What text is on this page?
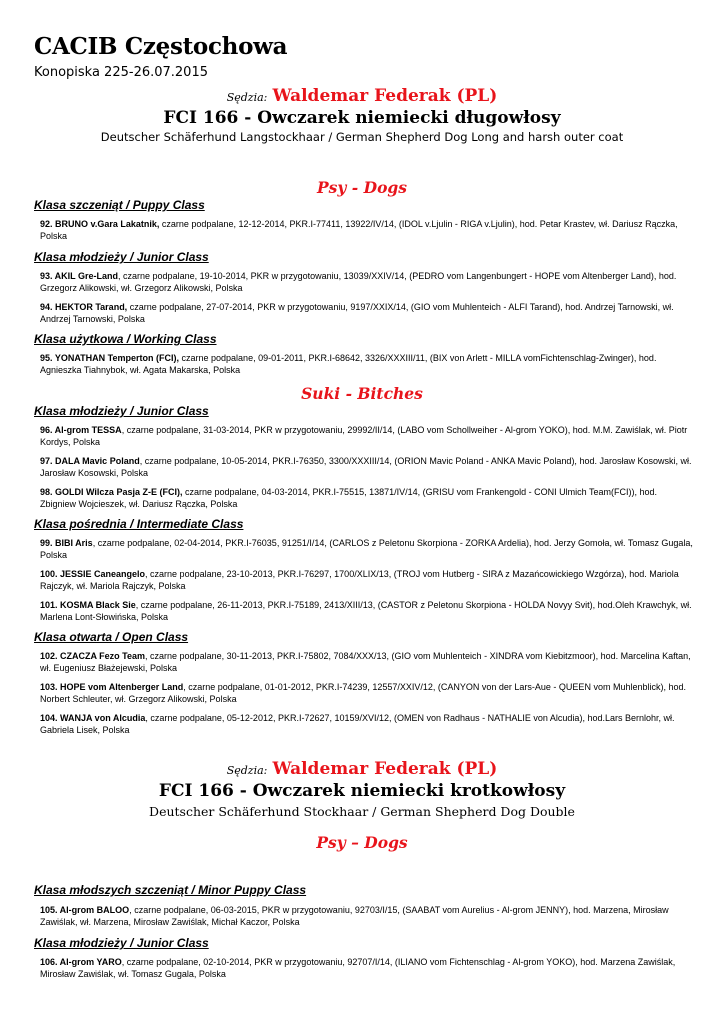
CACIB Częstochowa
Konopiska 225-26.07.2015
Sędzia: Waldemar Federak (PL)
FCI 166 - Owczarek niemiecki długowłosy
Deutscher Schäferhund Langstockhaar / German Shepherd Dog Long and harsh outer coat
Psy - Dogs
Klasa szczeniąt / Puppy Class
92. BRUNO v.Gara Lakatnik, czarne podpalane, 12-12-2014, PKR.I-77411, 13922/IV/14, (IDOL v.Ljulin - RIGA v.Ljulin), hod. Petar Krastev, wł. Dariusz Rączka, Polska
Klasa młodzieży / Junior Class
93. AKIL Gre-Land, czarne podpalane, 19-10-2014, PKR w przygotowaniu, 13039/XXIV/14, (PEDRO vom Langenbungert - HOPE vom Altenberger Land), hod. Grzegorz Alikowski, wł. Grzegorz Alikowski, Polska
94. HEKTOR Tarand, czarne podpalane, 27-07-2014, PKR w przygotowaniu, 9197/XXIX/14, (GIO vom Muhlenteich - ALFI Tarand), hod. Andrzej Tarnowski, wł. Andrzej Tarnowski, Polska
Klasa użytkowa / Working Class
95. YONATHAN Temperton (FCI), czarne podpalane, 09-01-2011, PKR.I-68642, 3326/XXXIII/11, (BIX von Arlett - MILLA vomFichtenschlag-Zwinger), hod. Agnieszka Tiahnybok, wł. Agata Makarska, Polska
Suki - Bitches
Klasa młodzieży / Junior Class
96. Al-grom TESSA, czarne podpalane, 31-03-2014, PKR w przygotowaniu, 29992/II/14, (LABO vom Schollweiher - Al-grom YOKO), hod. M.M. Zawiślak, wł. Piotr Kordys, Polska
97. DALA Mavic Poland, czarne podpalane, 10-05-2014, PKR.I-76350, 3300/XXXIII/14, (ORION Mavic Poland - ANKA Mavic Poland), hod. Jarosław Kosowski, wł. Jarosław Kosowski, Polska
98. GOLDI Wilcza Pasja Z-E (FCI), czarne podpalane, 04-03-2014, PKR.I-75515, 13871/IV/14, (GRISU vom Frankengold - CONI Ulmich Team(FCI)), hod. Zbigniew Wojcieszek, wł. Dariusz Rączka, Polska
Klasa pośrednia / Intermediate Class
99. BIBI Aris, czarne podpalane, 02-04-2014, PKR.I-76035, 91251/I/14, (CARLOS z Peletonu Skorpiona - ZORKA Ardelia), hod. Jerzy Gomoła, wł. Tomasz Gugala, Polska
100. JESSIE Caneangelo, czarne podpalane, 23-10-2013, PKR.I-76297, 1700/XLIX/13, (TROJ vom Hutberg - SIRA z Mazańcowickiego Wzgórza), hod. Mariola Rajczyk, wł. Mariola Rajczyk, Polska
101. KOSMA Black Sie, czarne podpalane, 26-11-2013, PKR.I-75189, 2413/XIII/13, (CASTOR z Peletonu Skorpiona - HOLDA Novyy Svit), hod.Oleh Krawchyk, wł. Marlena Lont-Słowińska, Polska
Klasa otwarta / Open Class
102. CZACZA Fezo Team, czarne podpalane, 30-11-2013, PKR.I-75802, 7084/XXX/13, (GIO vom Muhlenteich - XINDRA vom Kiebitzmoor), hod. Marcelina Kaftan, wł. Eugeniusz Błażejewski, Polska
103. HOPE vom Altenberger Land, czarne podpalane, 01-01-2012, PKR.I-74239, 12557/XXIV/12, (CANYON von der Lars-Aue - QUEEN vom Muhlenblick), hod. Norbert Schleuter, wł. Grzegorz Alikowski, Polska
104. WANJA von Alcudia, czarne podpalane, 05-12-2012, PKR.I-72627, 10159/XVI/12, (OMEN von Radhaus - NATHALIE von Alcudia), hod.Lars Bernlohr, wł. Gabriela Lisek, Polska
Sędzia: Waldemar Federak (PL)
FCI 166 - Owczarek niemiecki krotkowłosy
Deutscher Schäferhund Stockhaar / German Shepherd Dog Double
Psy – Dogs
Klasa młodszych szczeniąt / Minor Puppy Class
105. Al-grom BALOO, czarne podpalane, 06-03-2015, PKR w przygotowaniu, 92703/I/15, (SAABAT vom Aurelius - Al-grom JENNY), hod. Marzena, Mirosław Zawiślak, wł. Marzena, Mirosław Zawiślak, Michał Kaczor, Polska
Klasa młodzieży / Junior Class
106. Al-grom YARO, czarne podpalane, 02-10-2014, PKR w przygotowaniu, 92707/I/14, (ILIANO vom Fichtenschlag - Al-grom YOKO), hod. Marzena Zawiślak, Mirosław Zawiślak, wł. Tomasz Gugala, Polska
